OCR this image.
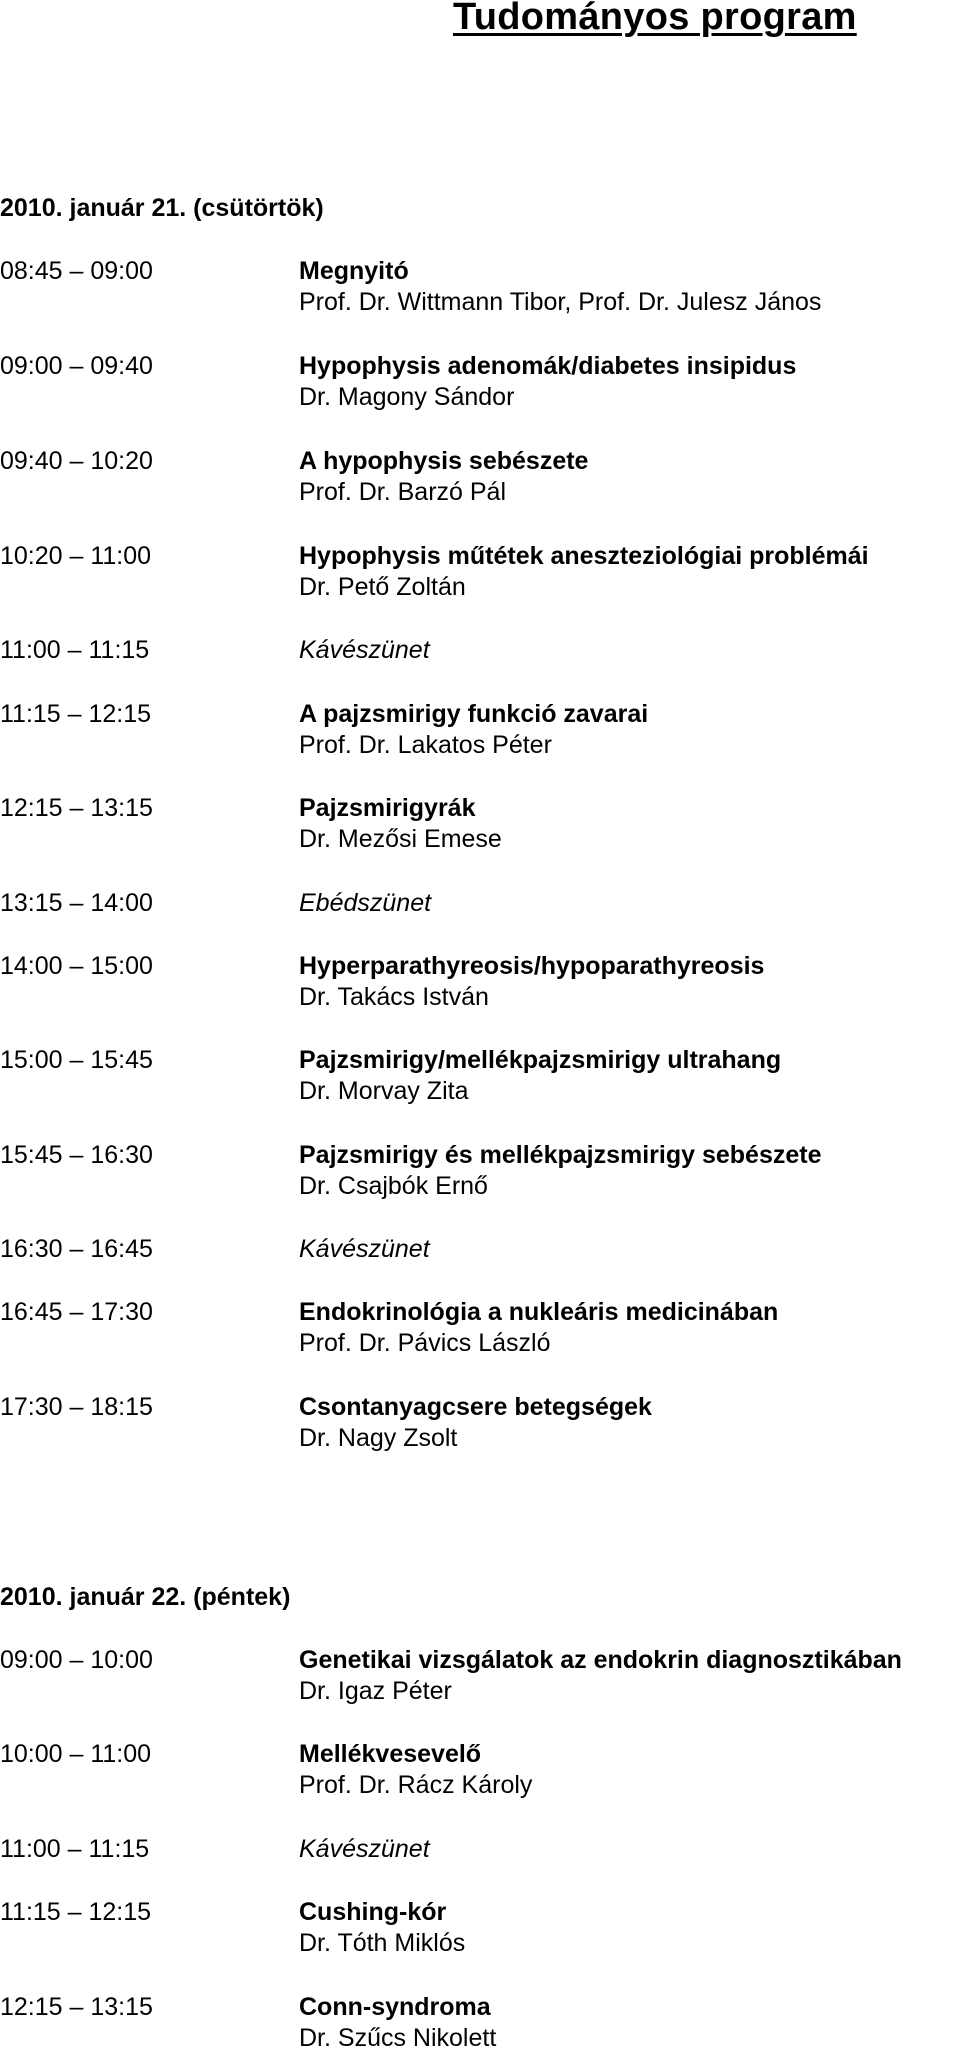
Tudományos program
2010. január 21. (csütörtök)
08:45 – 09:00	Megnyitó
Prof. Dr. Wittmann Tibor, Prof. Dr. Julesz János
09:00 – 09:40	Hypophysis adenomák/diabetes insipidus
Dr. Magony Sándor
09:40 – 10:20	A hypophysis sebészete
Prof. Dr. Barzó Pál
10:20 – 11:00	Hypophysis műtétek aneszteziológiai problémái
Dr. Pető Zoltán
11:00 – 11:15	Kávészünet
11:15 – 12:15	A pajzsmirigy funkció zavarai
Prof. Dr. Lakatos Péter
12:15 – 13:15	Pajzsmirigyrák
Dr. Mezősi Emese
13:15 – 14:00	Ebédszünet
14:00 – 15:00	Hyperparathyreosis/hypoparathyreosis
Dr. Takács István
15:00 – 15:45	Pajzsmirigy/mellékpajzsmirigy ultrahang
Dr. Morvay Zita
15:45 – 16:30	Pajzsmirigy és mellékpajzsmirigy sebészete
Dr. Csajbók Ernő
16:30 – 16:45	Kávészünet
16:45 – 17:30	Endokrinológia a nukleáris medicinában
Prof. Dr. Pávics László
17:30 – 18:15	Csontanyagcsere betegségek
Dr. Nagy Zsolt
2010. január 22. (péntek)
09:00 – 10:00	Genetikai vizsgálatok az endokrin diagnosztikában
Dr. Igaz Péter
10:00 – 11:00	Mellékvesevelő
Prof. Dr. Rácz Károly
11:00 – 11:15	Kávészünet
11:15 – 12:15	Cushing-kór
Dr. Tóth Miklós
12:15 – 13:15	Conn-syndroma
Dr. Szűcs Nikolett
